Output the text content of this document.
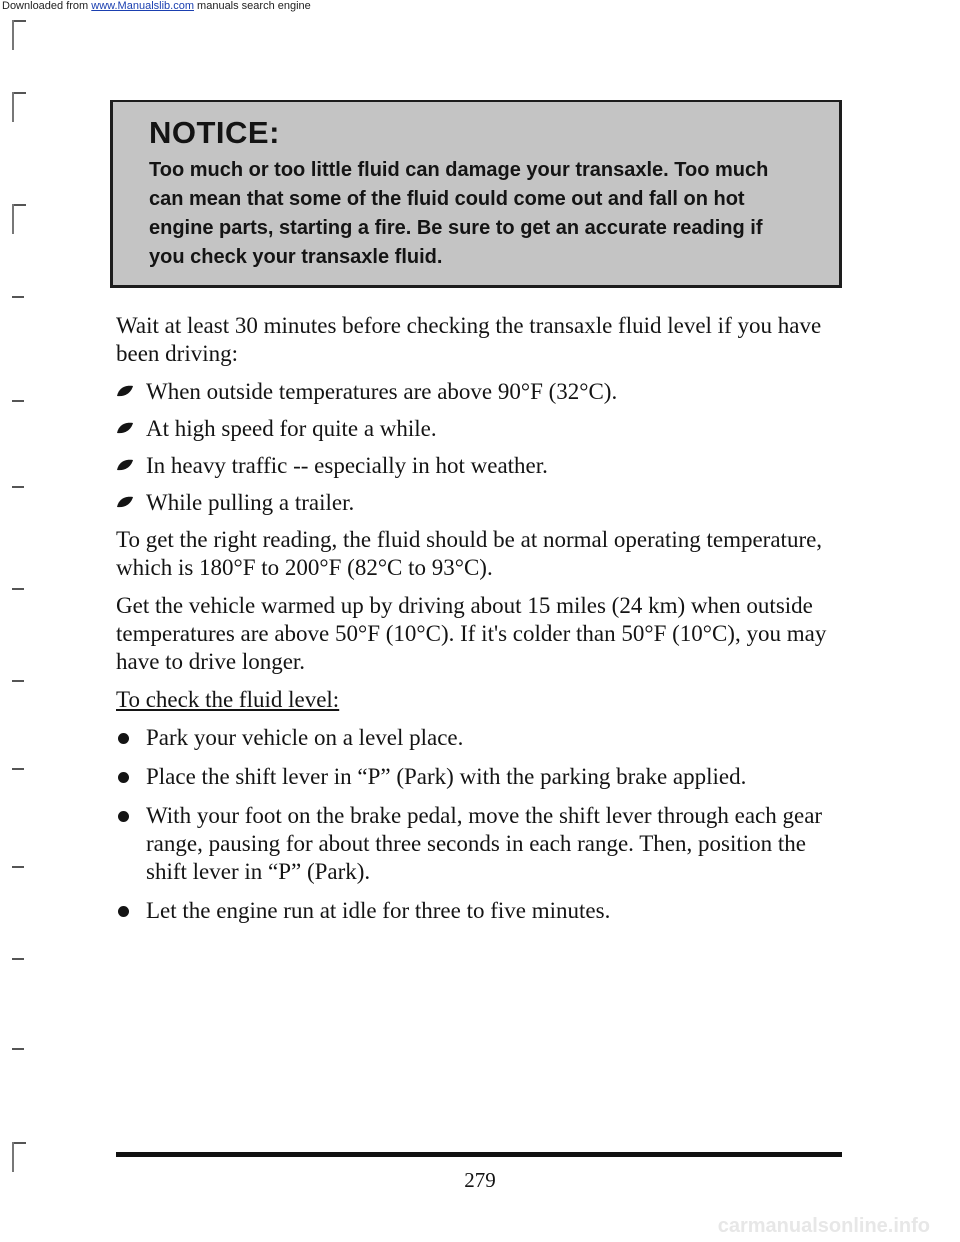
Downloaded from www.Manualslib.com manuals search engine

NOTICE:

Too much or too little fluid can damage your transaxle. Too much can mean that some of the fluid could come out and fall on hot engine parts, starting a fire. Be sure to get an accurate reading if you check your transaxle fluid.

Wait at least 30 minutes before checking the transaxle fluid level if you have been driving:

When outside temperatures are above 90°F (32°C).
At high speed for quite a while.
In heavy traffic -- especially in hot weather.
While pulling a trailer.

To get the right reading, the fluid should be at normal operating temperature, which is 180°F to 200°F (82°C to 93°C).

Get the vehicle warmed up by driving about 15 miles (24 km) when outside temperatures are above 50°F (10°C). If it's colder than 50°F (10°C), you may have to drive longer.

To check the fluid level:

Park your vehicle on a level place.
Place the shift lever in “P” (Park) with the parking brake applied.
With your foot on the brake pedal, move the shift lever through each gear range, pausing for about three seconds in each range. Then, position the shift lever in “P” (Park).
Let the engine run at idle for three to five minutes.
279
carmanualsonline.info
